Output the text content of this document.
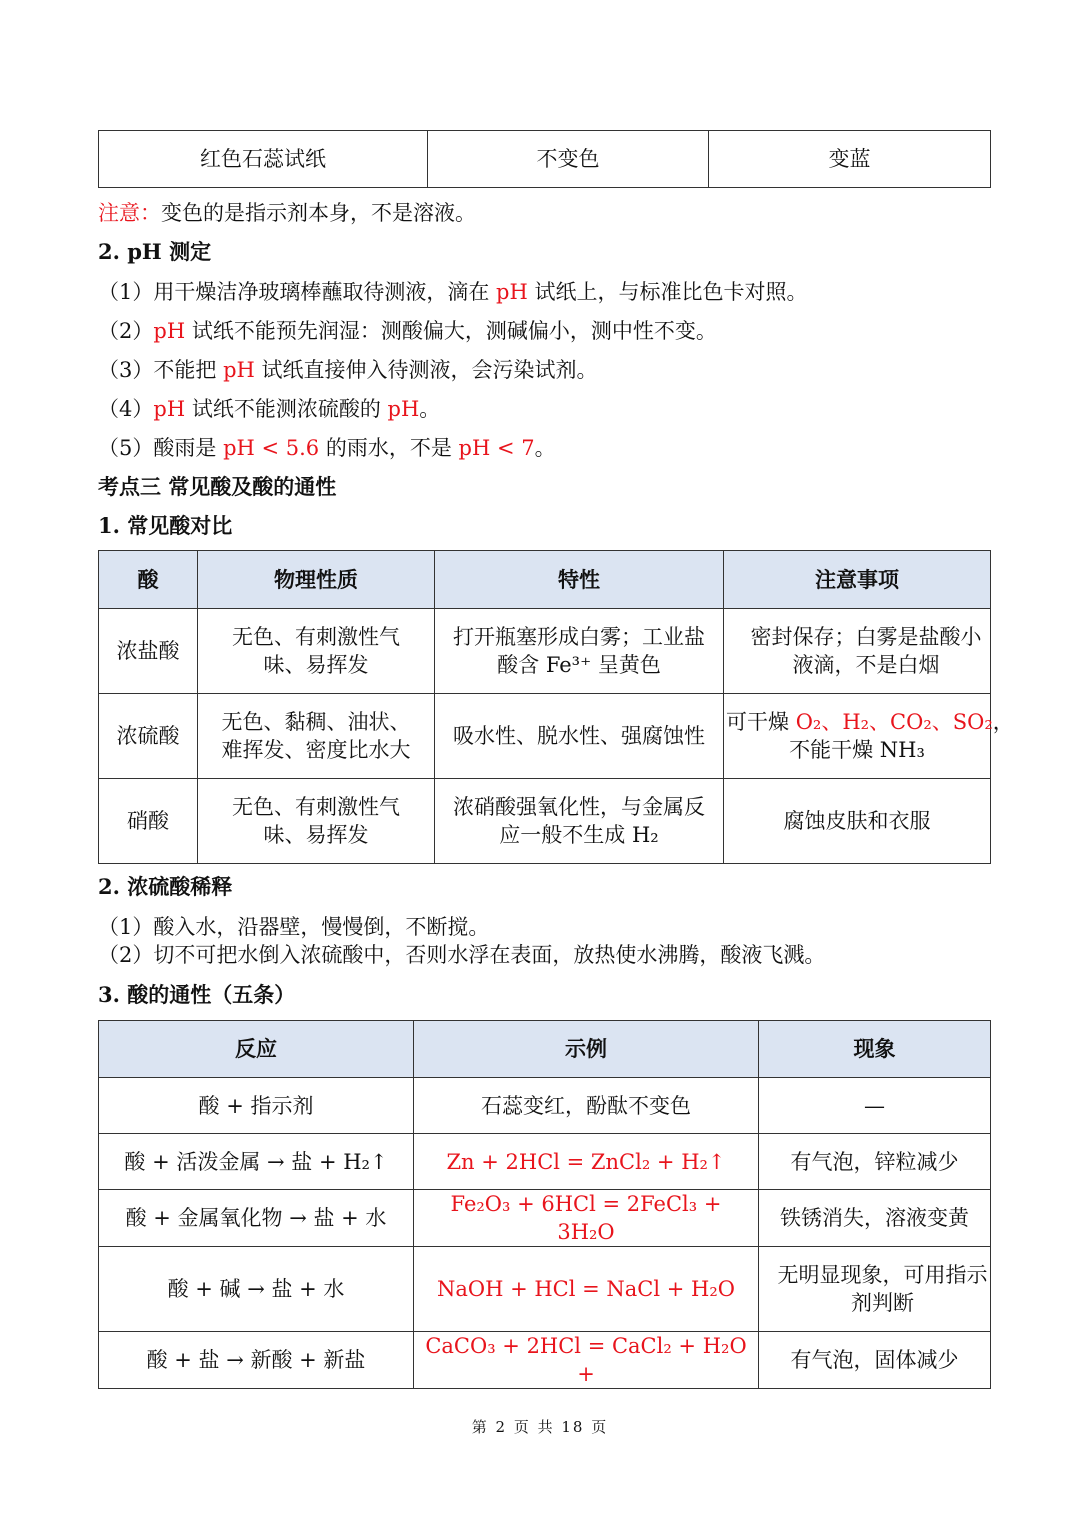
红色石蕊试纸	不变色	变蓝
注意：变色的是指示剂本身，不是溶液。
2. pH 测定
（1）用干燥洁净玻璃棒蘸取待测液，滴在 pH 试纸上，与标准比色卡对照。
（2）pH 试纸不能预先润湿：测酸偏大，测碱偏小，测中性不变。
（3）不能把 pH 试纸直接伸入待测液，会污染试剂。
（4）pH 试纸不能测浓硫酸的 pH。
（5）酸雨是 pH < 5.6 的雨水，不是 pH < 7。
考点三 常见酸及酸的通性
1. 常见酸对比
酸	物理性质	特性	注意事项
浓盐酸	无色、有刺激性气味、易挥发	打开瓶塞形成白雾；工业盐酸含 Fe³⁺ 呈黄色	密封保存；白雾是盐酸小液滴，不是白烟
浓硫酸	无色、黏稠、油状、难挥发、密度比水大	吸水性、脱水性、强腐蚀性	可干燥 O₂、H₂、CO₂、SO₂，
不能干燥 NH₃

硝酸	无色、有刺激性气味、易挥发	浓硝酸强氧化性，与金属反应一般不生成 H₂	腐蚀皮肤和衣服
2. 浓硫酸稀释
（1）酸入水，沿器壁，慢慢倒，不断搅。
（2）切不可把水倒入浓硫酸中，否则水浮在表面，放热使水沸腾，酸液飞溅。
3. 酸的通性（五条）
反应	示例	现象
酸 + 指示剂	石蕊变红，酚酞不变色	—
酸 + 活泼金属 → 盐 + H₂↑	Zn + 2HCl = ZnCl₂ + H₂↑	有气泡，锌粒减少
酸 + 金属氧化物 → 盐 + 水	Fe₂O₃ + 6HCl = 2FeCl₃ + 3H₂O	铁锈消失，溶液变黄
酸 + 碱 → 盐 + 水	NaOH + HCl = NaCl + H₂O	无明显现象，可用指示剂判断
酸 + 盐 → 新酸 + 新盐	CaCO₃ + 2HCl = CaCl₂ + H₂O +	有气泡，固体减少
第 2 页 共 18 页
